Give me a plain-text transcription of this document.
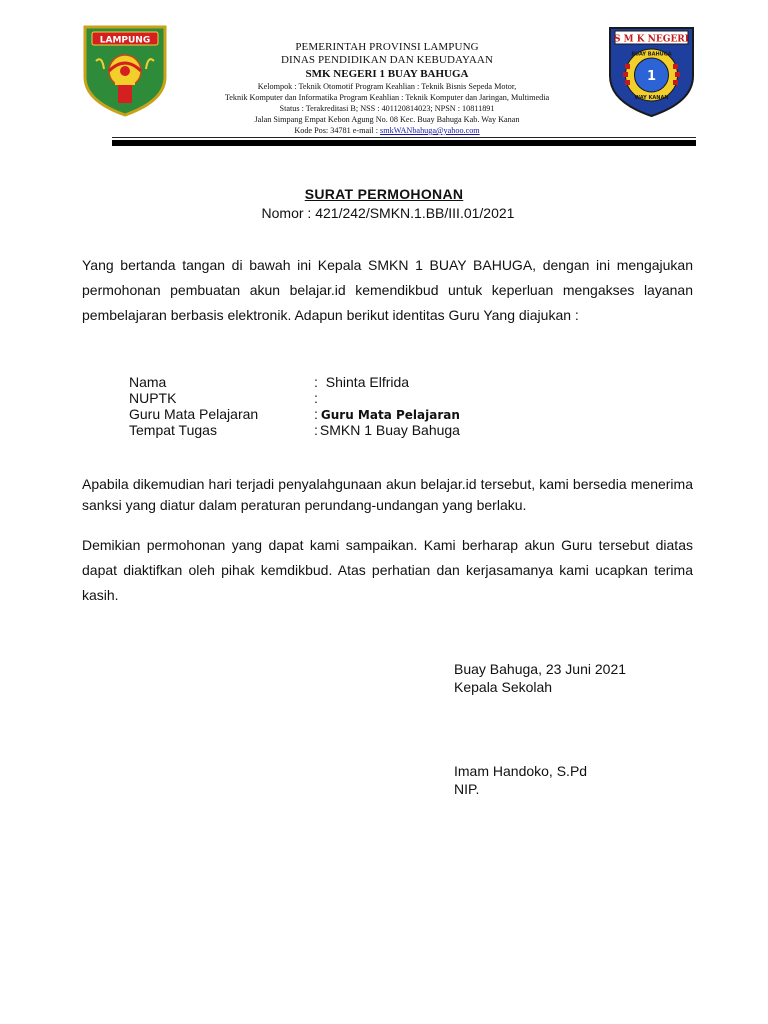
LAMPUNG
PEMERINTAH PROVINSI LAMPUNG
DINAS PENDIDIKAN DAN KEBUDAYAAN
SMK NEGERI 1 BUAY BAHUGA
Kelompok : Teknik Otomotif Program Keahlian : Teknik Bisnis Sepeda Motor,
Teknik Komputer dan Informatika Program Keahlian : Teknik Komputer dan Jaringan, Multimedia
Status : Terakreditasi B; NSS : 401120814023; NPSN : 10811891
Jalan Simpang Empat Kebon Agung No. 08 Kec. Buay Bahuga Kab. Way Kanan
Kode Pos: 34781 e-mail : smkWANbahuga@yahoo.com
S M K NEGERI
BUAY BAHUGA
WAY KANAN
1
SURAT PERMOHONAN
Nomor : 421/242/SMKN.1.BB/III.01/2021

Yang bertanda tangan di bawah ini Kepala SMKN 1 BUAY BAHUGA, dengan ini mengajukan permohonan pembuatan akun belajar.id kemendikbud untuk keperluan mengakses layanan pembelajaran berbasis elektronik. Adapun berikut identitas Guru Yang diajukan :

Nama	: Shinta Elfrida
NUPTK	:
Guru Mata Pelajaran	: Guru Mata Pelajaran
Tempat Tugas	: SMKN 1 Buay Bahuga

Apabila dikemudian hari terjadi penyalahgunaan akun belajar.id tersebut, kami bersedia menerima sanksi yang diatur dalam peraturan perundang-undangan yang berlaku.

Demikian permohonan yang dapat kami sampaikan. Kami berharap akun Guru tersebut diatas dapat diaktifkan oleh pihak kemdikbud. Atas perhatian dan kerjasamanya kami ucapkan terima kasih.

Buay Bahuga, 23 Juni 2021
Kepala Sekolah
Imam Handoko, S.Pd
NIP.
